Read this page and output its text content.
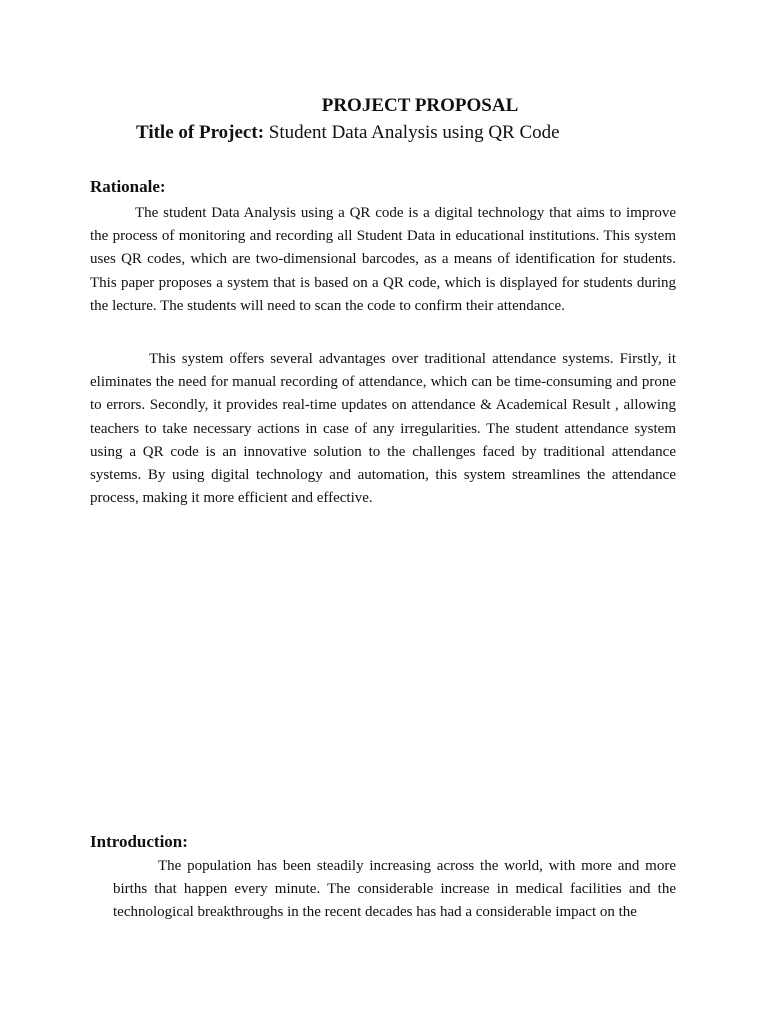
PROJECT PROPOSAL

Title of Project: Student Data Analysis using QR Code

Rationale:

The student Data Analysis using a QR code is a digital technology that aims to improve the process of monitoring and recording all Student Data in educational institutions. This system uses QR codes, which are two-dimensional barcodes, as a means of identification for students. This paper proposes a system that is based on a QR code, which is displayed for students during the lecture. The students will need to scan the code to confirm their attendance.

This system offers several advantages over traditional attendance systems. Firstly, it eliminates the need for manual recording of attendance, which can be time-consuming and prone to errors. Secondly, it provides real-time updates on attendance & Academical Result , allowing teachers to take necessary actions in case of any irregularities. The student attendance system using a QR code is an innovative solution to the challenges faced by traditional attendance systems. By using digital technology and automation, this system streamlines the attendance process, making it more efficient and effective.

Introduction:

The population has been steadily increasing across the world, with more and more births that happen every minute. The considerable increase in medical facilities and the technological breakthroughs in the recent decades has had a considerable impact on the
